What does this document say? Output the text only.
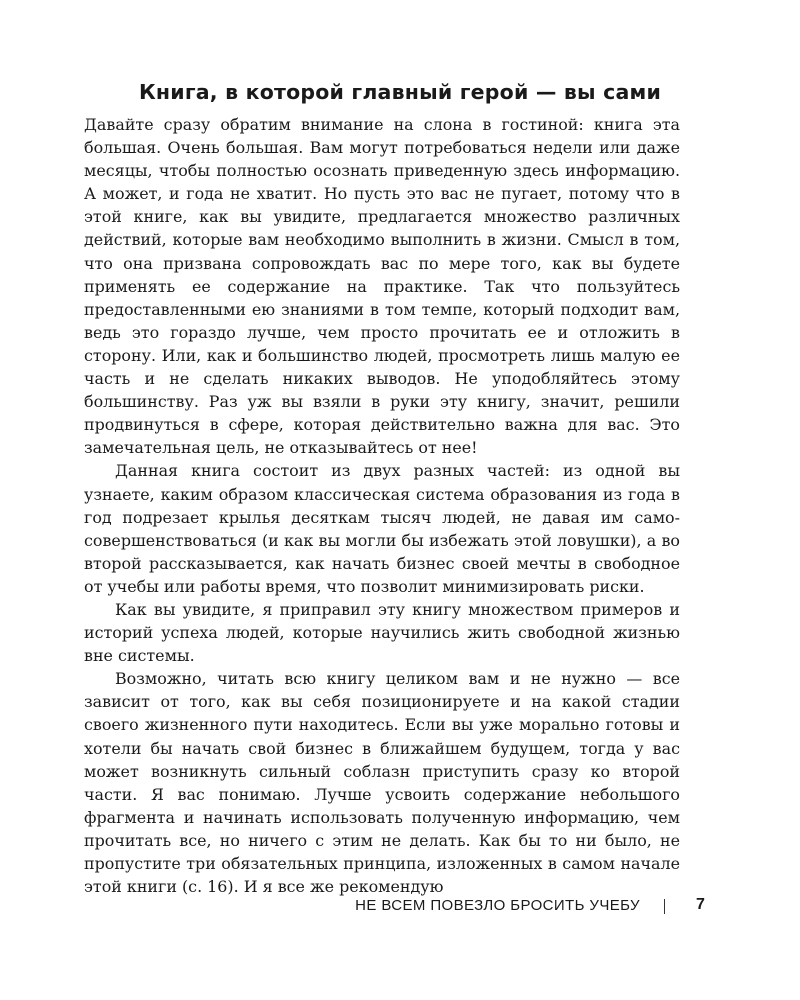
Книга, в которой главный герой — вы сами

Давайте сразу обратим внимание на слона в гостиной: книга эта большая. Очень большая. Вам могут потребоваться недели или даже месяцы, чтобы полностью осознать приведенную здесь информацию. А может, и года не хватит. Но пусть это вас не пугает, потому что в этой книге, как вы увидите, предлагается множество различных действий, которые вам необходимо выполнить в жизни. Смысл в том, что она призвана сопровождать вас по мере того, как вы будете применять ее содержание на практике. Так что пользуйтесь предоставленными ею знаниями в том темпе, который подходит вам, ведь это гораздо лучше, чем просто прочитать ее и отложить в сторону. Или, как и большинство людей, просмотреть лишь малую ее часть и не сделать никаких выводов. Не уподобляйтесь этому большинству. Раз уж вы взяли в руки эту книгу, значит, решили продвинуться в сфере, которая действительно важна для вас. Это замечательная цель, не отказывайтесь от нее!

Данная книга состоит из двух разных частей: из одной вы узнаете, каким образом классическая система образования из года в год подрезает крылья десяткам тысяч людей, не давая им самосовершенствоваться (и как вы могли бы избежать этой ловушки), а во второй рассказывается, как начать бизнес своей мечты в свободное от учебы или работы время, что позволит минимизировать риски.

Как вы увидите, я приправил эту книгу множеством примеров и историй успеха людей, которые научились жить свободной жизнью вне системы.

Возможно, читать всю книгу целиком вам и не нужно — все зависит от того, как вы себя позиционируете и на какой стадии своего жизненного пути находитесь. Если вы уже морально готовы и хотели бы начать свой бизнес в ближайшем будущем, тогда у вас может возникнуть сильный соблазн приступить сразу ко второй части. Я вас понимаю. Лучше усвоить содержание небольшого фрагмента и начинать использовать полученную информацию, чем прочитать все, но ничего с этим не делать. Как бы то ни было, не пропустите три обязательных принципа, изложенных в самом начале этой книги (с. 16). И я все же рекомендую

НЕ ВСЕМ ПОВЕЗЛО БРОСИТЬ УЧЕБУ	7
